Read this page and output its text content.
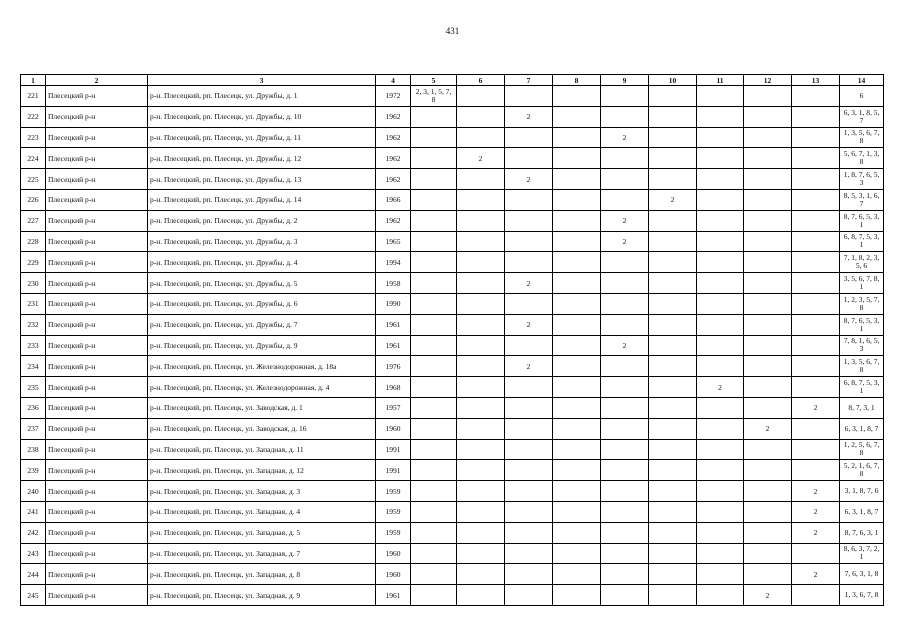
431
1	2	3	4	5	6	7	8	9	10	11	12	13	14
221	Плесецкий р-н	р-н. Плесецкий, рп. Плесецк, ул. Дружбы, д. 1	1972	2, 3, 1, 5, 7, 8									6
222	Плесецкий р-н	р-н. Плесецкий, рп. Плесецк, ул. Дружбы, д. 10	1962			2							6, 3, 1, 8, 5, 7
223	Плесецкий р-н	р-н. Плесецкий, рп. Плесецк, ул. Дружбы, д. 11	1962					2					1, 3, 5, 6, 7, 8
224	Плесецкий р-н	р-н. Плесецкий, рп. Плесецк, ул. Дружбы, д. 12	1962		2								5, 6, 7, 1, 3, 8
225	Плесецкий р-н	р-н. Плесецкий, рп. Плесецк, ул. Дружбы, д. 13	1962			2							1, 8, 7, 6, 5, 3
226	Плесецкий р-н	р-н. Плесецкий, рп. Плесецк, ул. Дружбы, д. 14	1966						2				8, 5, 3, 1, 6, 7
227	Плесецкий р-н	р-н. Плесецкий, рп. Плесецк, ул. Дружбы, д. 2	1962					2					8, 7, 6, 5, 3, 1
228	Плесецкий р-н	р-н. Плесецкий, рп. Плесецк, ул. Дружбы, д. 3	1965					2					6, 8, 7, 5, 3, 1
229	Плесецкий р-н	р-н. Плесецкий, рп. Плесецк, ул. Дружбы, д. 4	1994										7, 1, 8, 2, 3, 5, 6
230	Плесецкий р-н	р-н. Плесецкий, рп. Плесецк, ул. Дружбы, д. 5	1958			2							3, 5, 6, 7, 8, 1
231	Плесецкий р-н	р-н. Плесецкий, рп. Плесецк, ул. Дружбы, д. 6	1990										1, 2, 3, 5, 7, 8
232	Плесецкий р-н	р-н. Плесецкий, рп. Плесецк, ул. Дружбы, д. 7	1961			2							8, 7, 6, 5, 3, 1
233	Плесецкий р-н	р-н. Плесецкий, рп. Плесецк, ул. Дружбы, д. 9	1961					2					7, 8, 1, 6, 5, 3
234	Плесецкий р-н	р-н. Плесецкий, рп. Плесецк, ул. Железнодорожная, д. 18а	1976			2							1, 3, 5, 6, 7, 8
235	Плесецкий р-н	р-н. Плесецкий, рп. Плесецк, ул. Железнодорожная, д. 4	1968							2			6, 8, 7, 5, 3, 1
236	Плесецкий р-н	р-н. Плесецкий, рп. Плесецк, ул. Заводская, д. 1	1957									2	8, 7, 3, 1
237	Плесецкий р-н	р-н. Плесецкий, рп. Плесецк, ул. Заводская, д. 16	1960								2		6, 3, 1, 8, 7
238	Плесецкий р-н	р-н. Плесецкий, рп. Плесецк, ул. Западная, д. 11	1991										1, 2, 5, 6, 7, 8
239	Плесецкий р-н	р-н. Плесецкий, рп. Плесецк, ул. Западная, д. 12	1991										5, 2, 1, 6, 7, 8
240	Плесецкий р-н	р-н. Плесецкий, рп. Плесецк, ул. Западная, д. 3	1959									2	3, 1, 8, 7, 6
241	Плесецкий р-н	р-н. Плесецкий, рп. Плесецк, ул. Западная, д. 4	1959									2	6, 3, 1, 8, 7
242	Плесецкий р-н	р-н. Плесецкий, рп. Плесецк, ул. Западная, д. 5	1959									2	8, 7, 6, 3, 1
243	Плесецкий р-н	р-н. Плесецкий, рп. Плесецк, ул. Западная, д. 7	1960										8, 6, 3, 7, 2, 1
244	Плесецкий р-н	р-н. Плесецкий, рп. Плесецк, ул. Западная, д. 8	1960									2	7, 6, 3, 1, 8
245	Плесецкий р-н	р-н. Плесецкий, рп. Плесецк, ул. Западная, д. 9	1961								2		1, 3, 6, 7, 8
